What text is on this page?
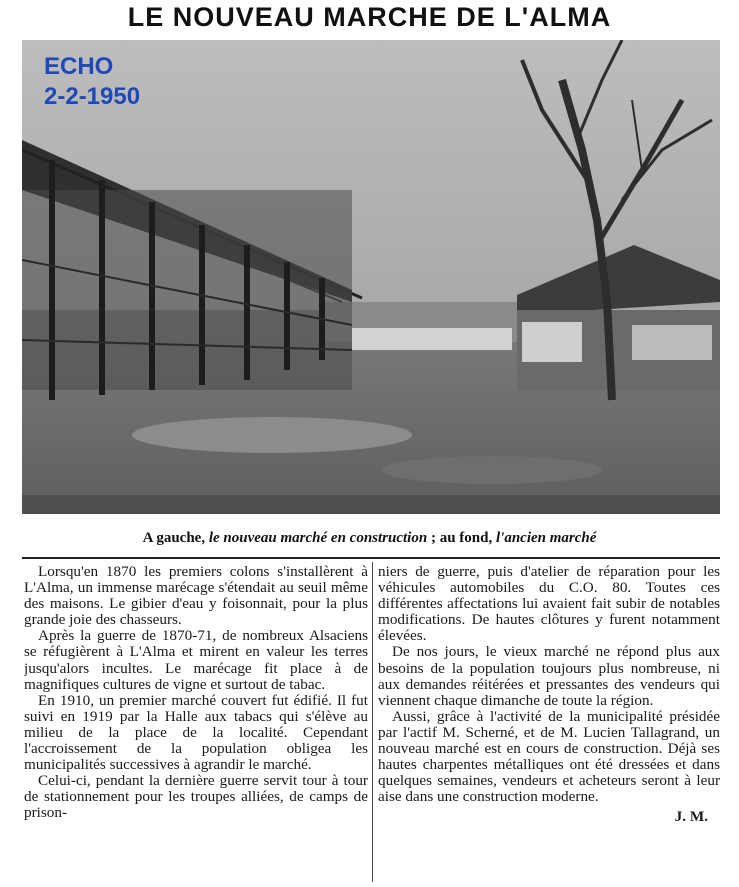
LE NOUVEAU MARCHE DE L'ALMA
ECHO
2-2-1950
A gauche, le nouveau marché en construction ; au fond, l'ancien marché

Lorsqu'en 1870 les premiers colons s'installèrent à L'Alma, un immense marécage s'étendait au seuil même des maisons. Le gibier d'eau y foisonnait, pour la plus grande joie des chasseurs.

Après la guerre de 1870-71, de nombreux Alsaciens se réfugièrent à L'Alma et mirent en valeur les terres jusqu'alors incultes. Le marécage fit place à de magnifiques cultures de vigne et surtout de tabac.

En 1910, un premier marché couvert fut édifié. Il fut suivi en 1919 par la Halle aux tabacs qui s'élève au milieu de la place de la localité. Cependant l'accroissement de la population obligea les municipalités successives à agrandir le marché.

Celui-ci, pendant la dernière guerre servit tour à tour de stationnement pour les troupes alliées, de camps de prison-

niers de guerre, puis d'atelier de réparation pour les véhicules automobiles du C.O. 80. Toutes ces différentes affectations lui avaient fait subir de notables modifications. De hautes clôtures y furent notamment élevées.

De nos jours, le vieux marché ne répond plus aux besoins de la population toujours plus nombreuse, ni aux demandes réitérées et pressantes des vendeurs qui viennent chaque dimanche de toute la région.

Aussi, grâce à l'activité de la municipalité présidée par l'actif M. Scherné, et de M. Lucien Tallagrand, un nouveau marché est en cours de construction. Déjà ses hautes charpentes métalliques ont été dressées et dans quelques semaines, vendeurs et acheteurs seront à leur aise dans une construction moderne.

J. M.
